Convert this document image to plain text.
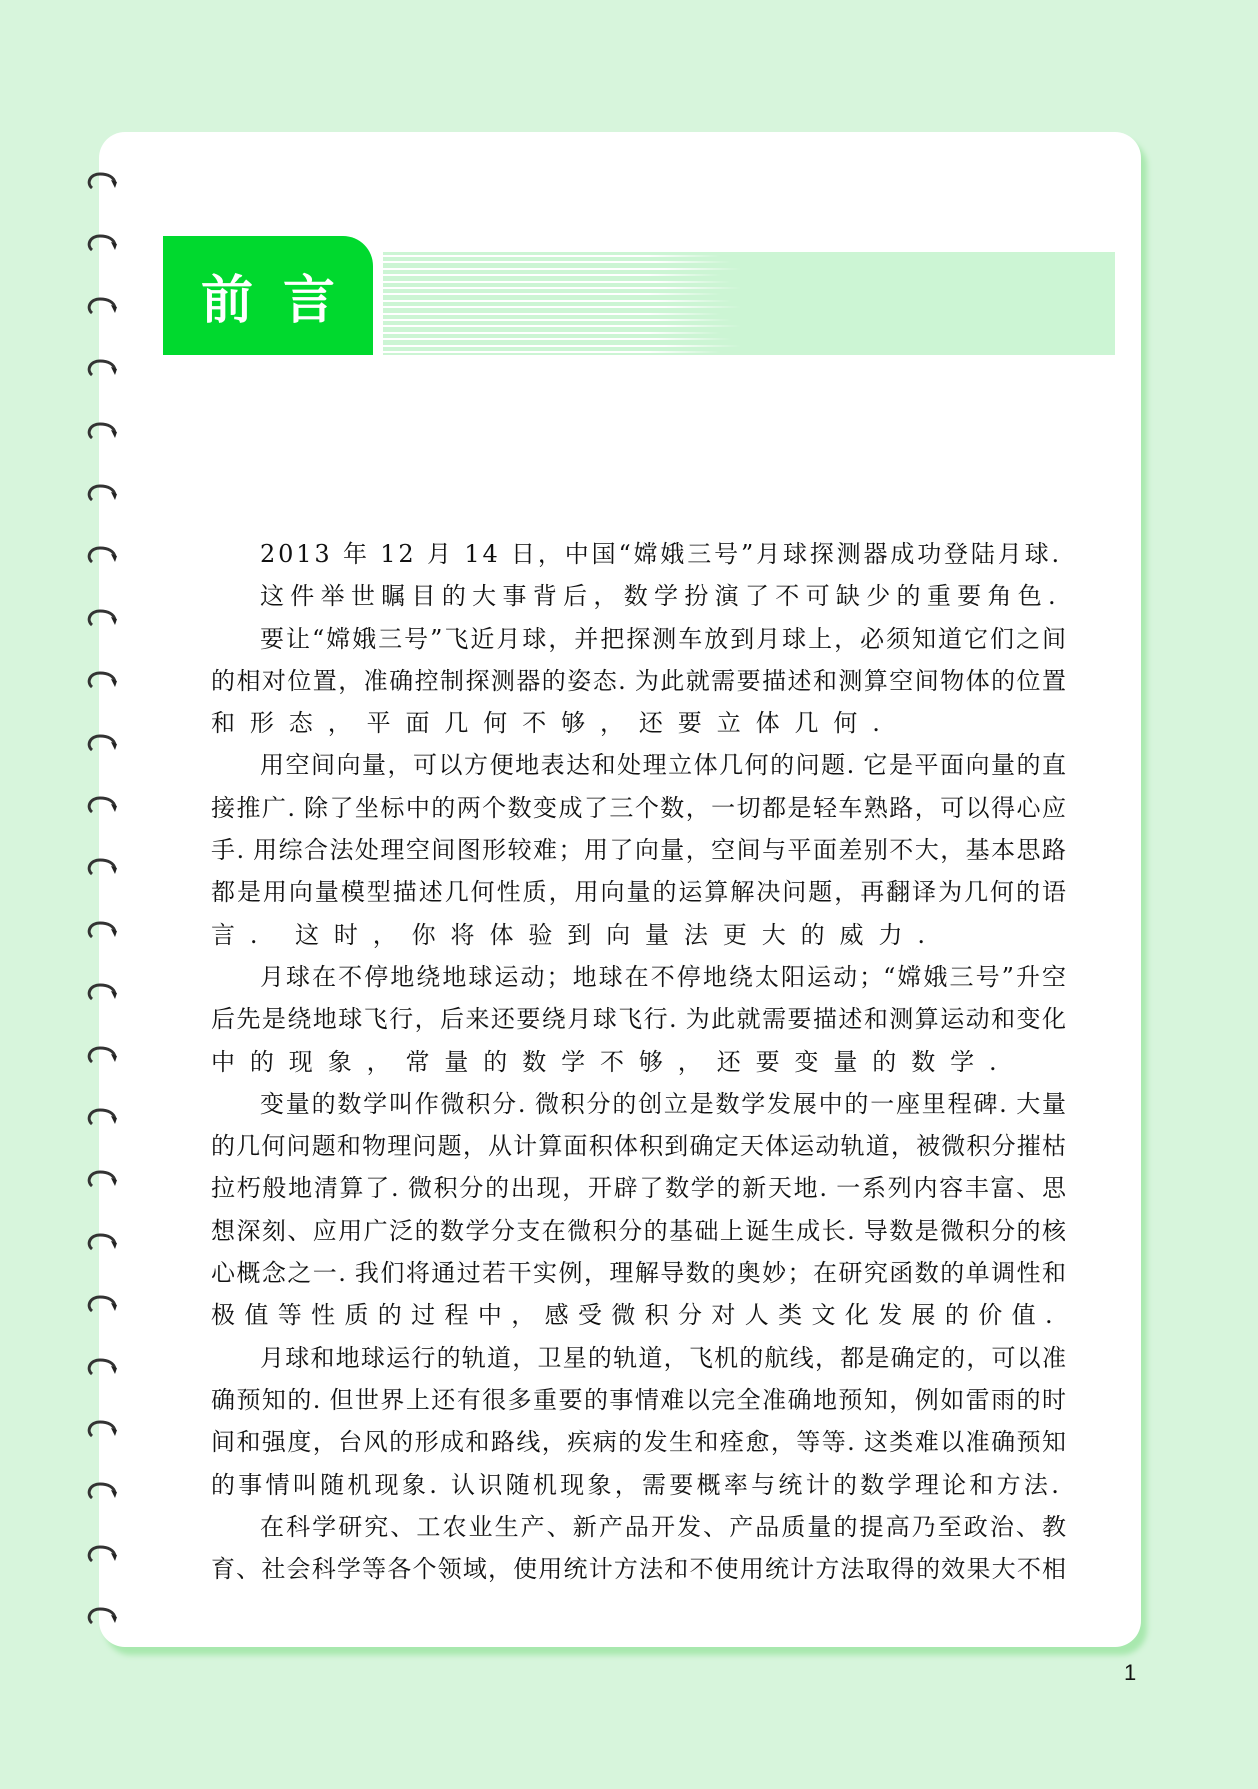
前言
2013 年 12 月 14 日，中国“嫦娥三号”月球探测器成功登陆月球.
这件举世瞩目的大事背后，数学扮演了不可缺少的重要角色.
要让“嫦娥三号”飞近月球，并把探测车放到月球上，必须知道它们之间
的相对位置，准确控制探测器的姿态. 为此就需要描述和测算空间物体的位置
和形态，平面几何不够，还要立体几何.
用空间向量，可以方便地表达和处理立体几何的问题. 它是平面向量的直
接推广. 除了坐标中的两个数变成了三个数，一切都是轻车熟路，可以得心应
手. 用综合法处理空间图形较难；用了向量，空间与平面差别不大，基本思路
都是用向量模型描述几何性质，用向量的运算解决问题，再翻译为几何的语
言. 这时，你将体验到向量法更大的威力.
月球在不停地绕地球运动；地球在不停地绕太阳运动；“嫦娥三号”升空
后先是绕地球飞行，后来还要绕月球飞行. 为此就需要描述和测算运动和变化
中的现象，常量的数学不够，还要变量的数学.
变量的数学叫作微积分. 微积分的创立是数学发展中的一座里程碑. 大量
的几何问题和物理问题，从计算面积体积到确定天体运动轨道，被微积分摧枯
拉朽般地清算了. 微积分的出现，开辟了数学的新天地. 一系列内容丰富、思
想深刻、应用广泛的数学分支在微积分的基础上诞生成长. 导数是微积分的核
心概念之一. 我们将通过若干实例，理解导数的奥妙；在研究函数的单调性和
极值等性质的过程中，感受微积分对人类文化发展的价值.
月球和地球运行的轨道，卫星的轨道，飞机的航线，都是确定的，可以准
确预知的. 但世界上还有很多重要的事情难以完全准确地预知，例如雷雨的时
间和强度，台风的形成和路线，疾病的发生和痊愈，等等. 这类难以准确预知
的事情叫随机现象. 认识随机现象，需要概率与统计的数学理论和方法.
在科学研究、工农业生产、新产品开发、产品质量的提高乃至政治、教
育、社会科学等各个领域，使用统计方法和不使用统计方法取得的效果大不相
1
